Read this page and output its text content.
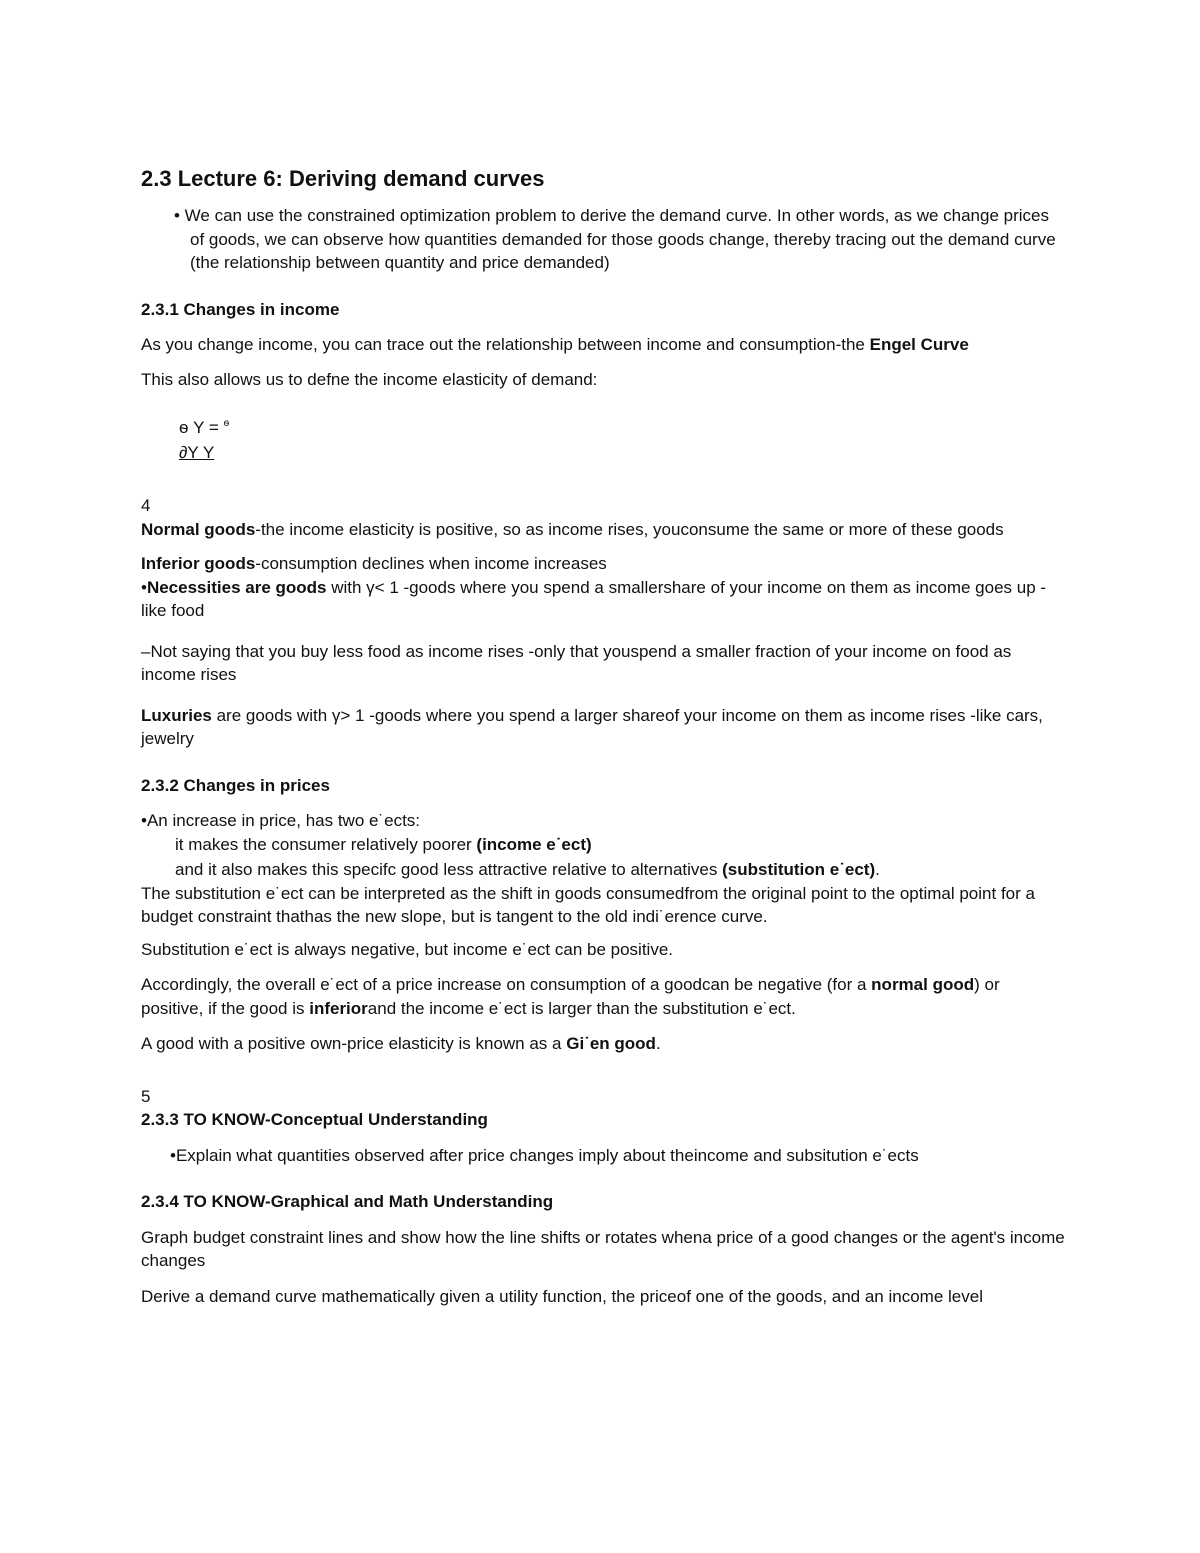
2.3 Lecture 6: Deriving demand curves

• We can use the constrained optimization problem to derive the demand curve. In other words, as we change prices of goods, we can observe how quantities demanded for those goods change, thereby tracing out the demand curve (the relationship between quantity and price demanded)

2.3.1 Changes in income

As you change income, you can trace out the relationship between income and consumption-the Engel Curve

This also allows us to defne the income elasticity of demand:

ѳ Y = $^ѳ$
∂Y Y

4

Normal goods-the income elasticity is positive, so as income rises, youconsume the same or more of these goods

Inferior goods-consumption declines when income increases

•Necessities are goods with γ< 1 -goods where you spend a smallershare of your income on them as income goes up -like food

–Not saying that you buy less food as income rises -only that youspend a smaller fraction of your income on food as income rises

Luxuries are goods with γ> 1 -goods where you spend a larger shareof your income on them as income rises -like cars, jewelry

2.3.2 Changes in prices

•An increase in price, has two e˙ects:

it makes the consumer relatively poorer (income e˙ect)

and it also makes this specifc good less attractive relative to alternatives (substitution e˙ect).

The substitution e˙ect can be interpreted as the shift in goods consumedfrom the original point to the optimal point for a budget constraint thathas the new slope, but is tangent to the old indi˙erence curve.

Substitution e˙ect is always negative, but income e˙ect can be positive.

Accordingly, the overall e˙ect of a price increase on consumption of a goodcan be negative (for a normal good) or positive, if the good is inferiorand the income e˙ect is larger than the substitution e˙ect.

A good with a positive own-price elasticity is known as a Gi˙en good.

5

2.3.3 TO KNOW-Conceptual Understanding

•Explain what quantities observed after price changes imply about theincome and subsitution e˙ects

2.3.4 TO KNOW-Graphical and Math Understanding

Graph budget constraint lines and show how the line shifts or rotates whena price of a good changes or the agent's income changes

Derive a demand curve mathematically given a utility function, the priceof one of the goods, and an income level
